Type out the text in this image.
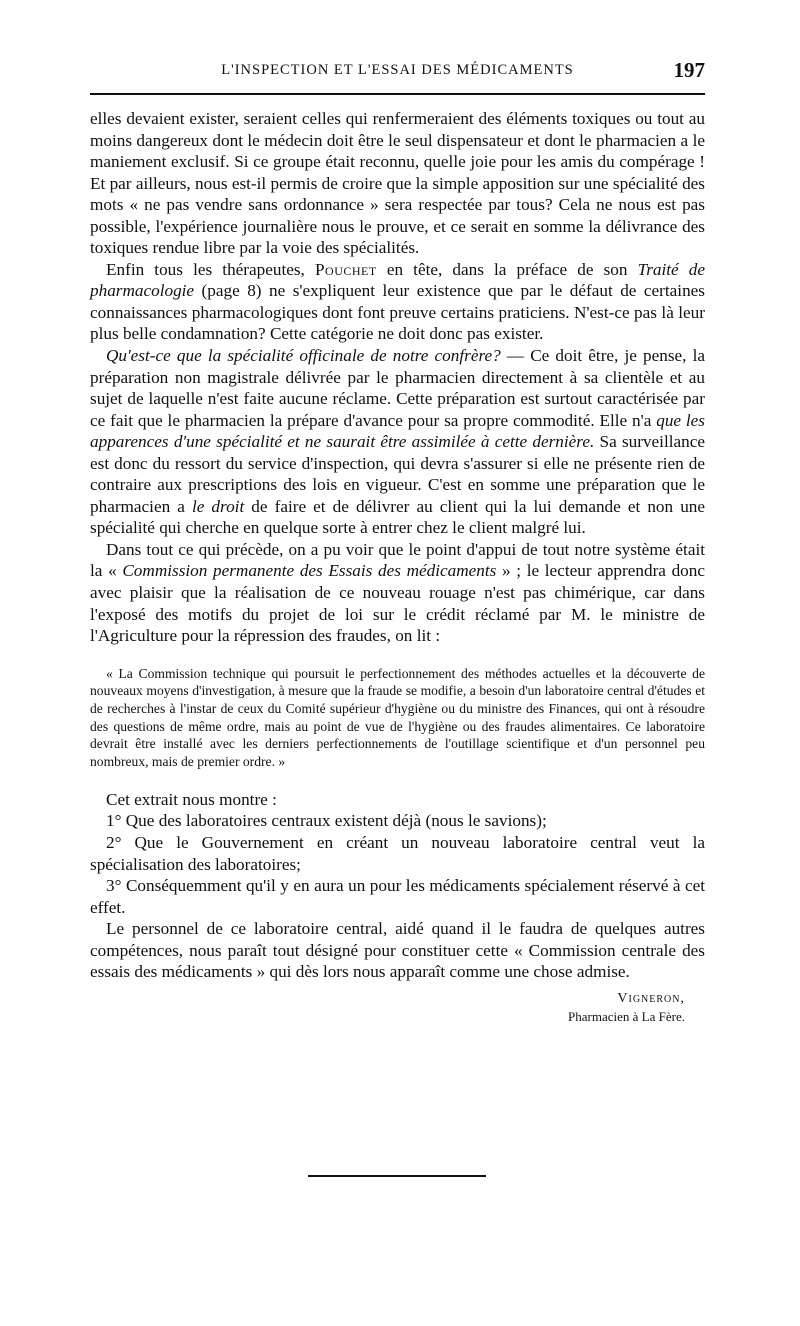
L'INSPECTION ET L'ESSAI DES MÉDICAMENTS	197

elles devaient exister, seraient celles qui renfermeraient des éléments toxiques ou tout au moins dangereux dont le médecin doit être le seul dispensateur et dont le pharmacien a le maniement exclusif. Si ce groupe était reconnu, quelle joie pour les amis du compérage ! Et par ailleurs, nous est-il permis de croire que la simple apposition sur une spécialité des mots « ne pas vendre sans ordonnance » sera respectée par tous? Cela ne nous est pas possible, l'expérience journalière nous le prouve, et ce serait en somme la délivrance des toxiques rendue libre par la voie des spécialités.

Enfin tous les thérapeutes, Pouchet en tête, dans la préface de son Traité de pharmacologie (page 8) ne s'expliquent leur existence que par le défaut de certaines connaissances pharmacologiques dont font preuve certains praticiens. N'est-ce pas là leur plus belle condamnation? Cette catégorie ne doit donc pas exister.

Qu'est-ce que la spécialité officinale de notre confrère? — Ce doit être, je pense, la préparation non magistrale délivrée par le pharmacien directement à sa clientèle et au sujet de laquelle n'est faite aucune réclame. Cette préparation est surtout caractérisée par ce fait que le pharmacien la prépare d'avance pour sa propre commodité. Elle n'a que les apparences d'une spécialité et ne saurait être assimilée à cette dernière. Sa surveillance est donc du ressort du service d'inspection, qui devra s'assurer si elle ne présente rien de contraire aux prescriptions des lois en vigueur. C'est en somme une préparation que le pharmacien a le droit de faire et de délivrer au client qui la lui demande et non une spécialité qui cherche en quelque sorte à entrer chez le client malgré lui.

Dans tout ce qui précède, on a pu voir que le point d'appui de tout notre système était la « Commission permanente des Essais des médicaments » ; le lecteur apprendra donc avec plaisir que la réalisation de ce nouveau rouage n'est pas chimérique, car dans l'exposé des motifs du projet de loi sur le crédit réclamé par M. le ministre de l'Agriculture pour la répression des fraudes, on lit :

« La Commission technique qui poursuit le perfectionnement des méthodes actuelles et la découverte de nouveaux moyens d'investigation, à mesure que la fraude se modifie, a besoin d'un laboratoire central d'études et de recherches à l'instar de ceux du Comité supérieur d'hygiène ou du ministre des Finances, qui ont à résoudre des questions de même ordre, mais au point de vue de l'hygiène ou des fraudes alimentaires. Ce laboratoire devrait être installé avec les derniers perfectionnements de l'outillage scientifique et d'un personnel peu nombreux, mais de premier ordre. »

Cet extrait nous montre :

1° Que des laboratoires centraux existent déjà (nous le savions);

2° Que le Gouvernement en créant un nouveau laboratoire central veut la spécialisation des laboratoires;

3° Conséquemment qu'il y en aura un pour les médicaments spécialement réservé à cet effet.

Le personnel de ce laboratoire central, aidé quand il le faudra de quelques autres compétences, nous paraît tout désigné pour constituer cette « Commission centrale des essais des médicaments » qui dès lors nous apparaît comme une chose admise.

Vigneron,
Pharmacien à La Fère.
